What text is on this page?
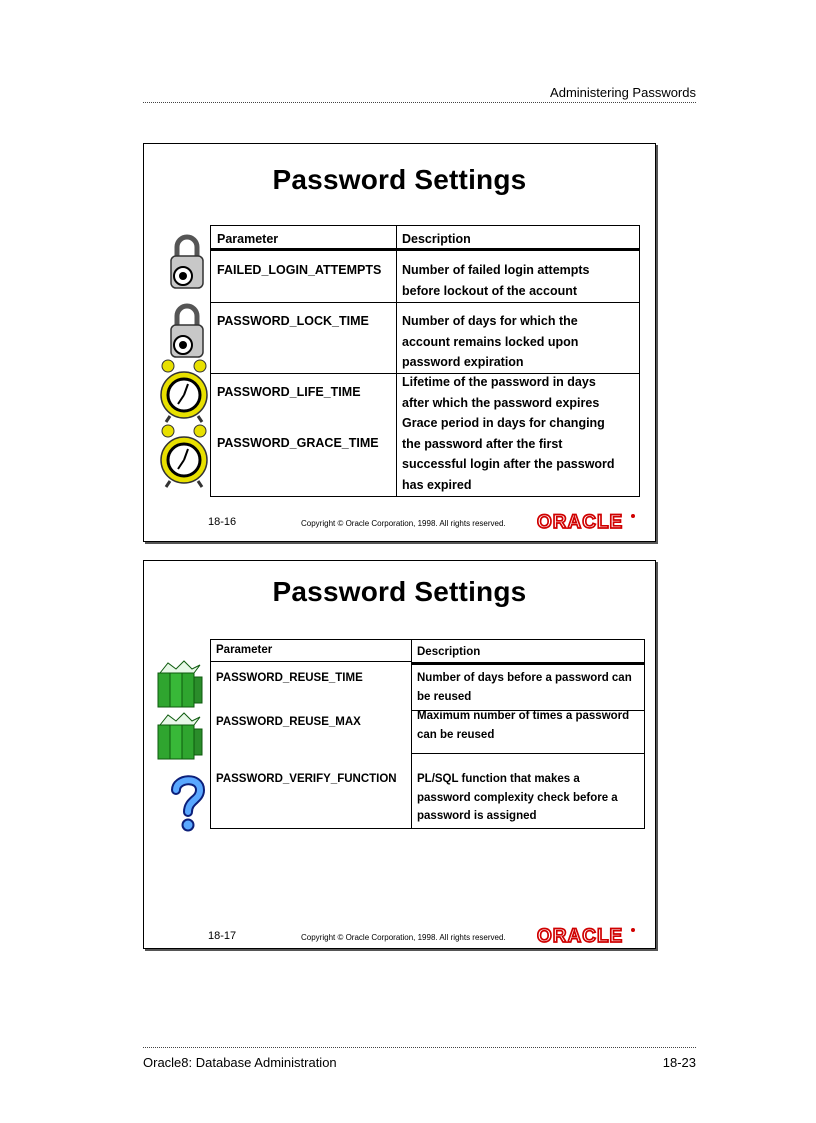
Administering Passwords
Password Settings
Parameter	Description
FAILED_LOGIN_ATTEMPTS Number of failed login attempts
before lockout of the account
PASSWORD_LOCK_TIME	Number of days for which the
account remains locked upon
password expiration
PASSWORD_LIFE_TIME
Lifetime of the password in days
after which the password expires
PASSWORD_GRACE_TIME
Grace period in days for changing
the password after the first
successful login after the password
has expired
18-16	Copyright © Oracle Corporation, 1998. All rights reserved. ORACLE
Password Settings
Parameter	Description
PASSWORD_REUSE_TIME	Number of days before a password can
be reused
PASSWORD_REUSE_MAX	Maximum number of times a password
can be reused
PASSWORD_VERIFY_FUNCTION PL/SQL function that makes a
password complexity check before a
password is assigned
18-17	Copyright © Oracle Corporation, 1998. All rights reserved. ORACLE
Oracle8: Database Administration	18-23
